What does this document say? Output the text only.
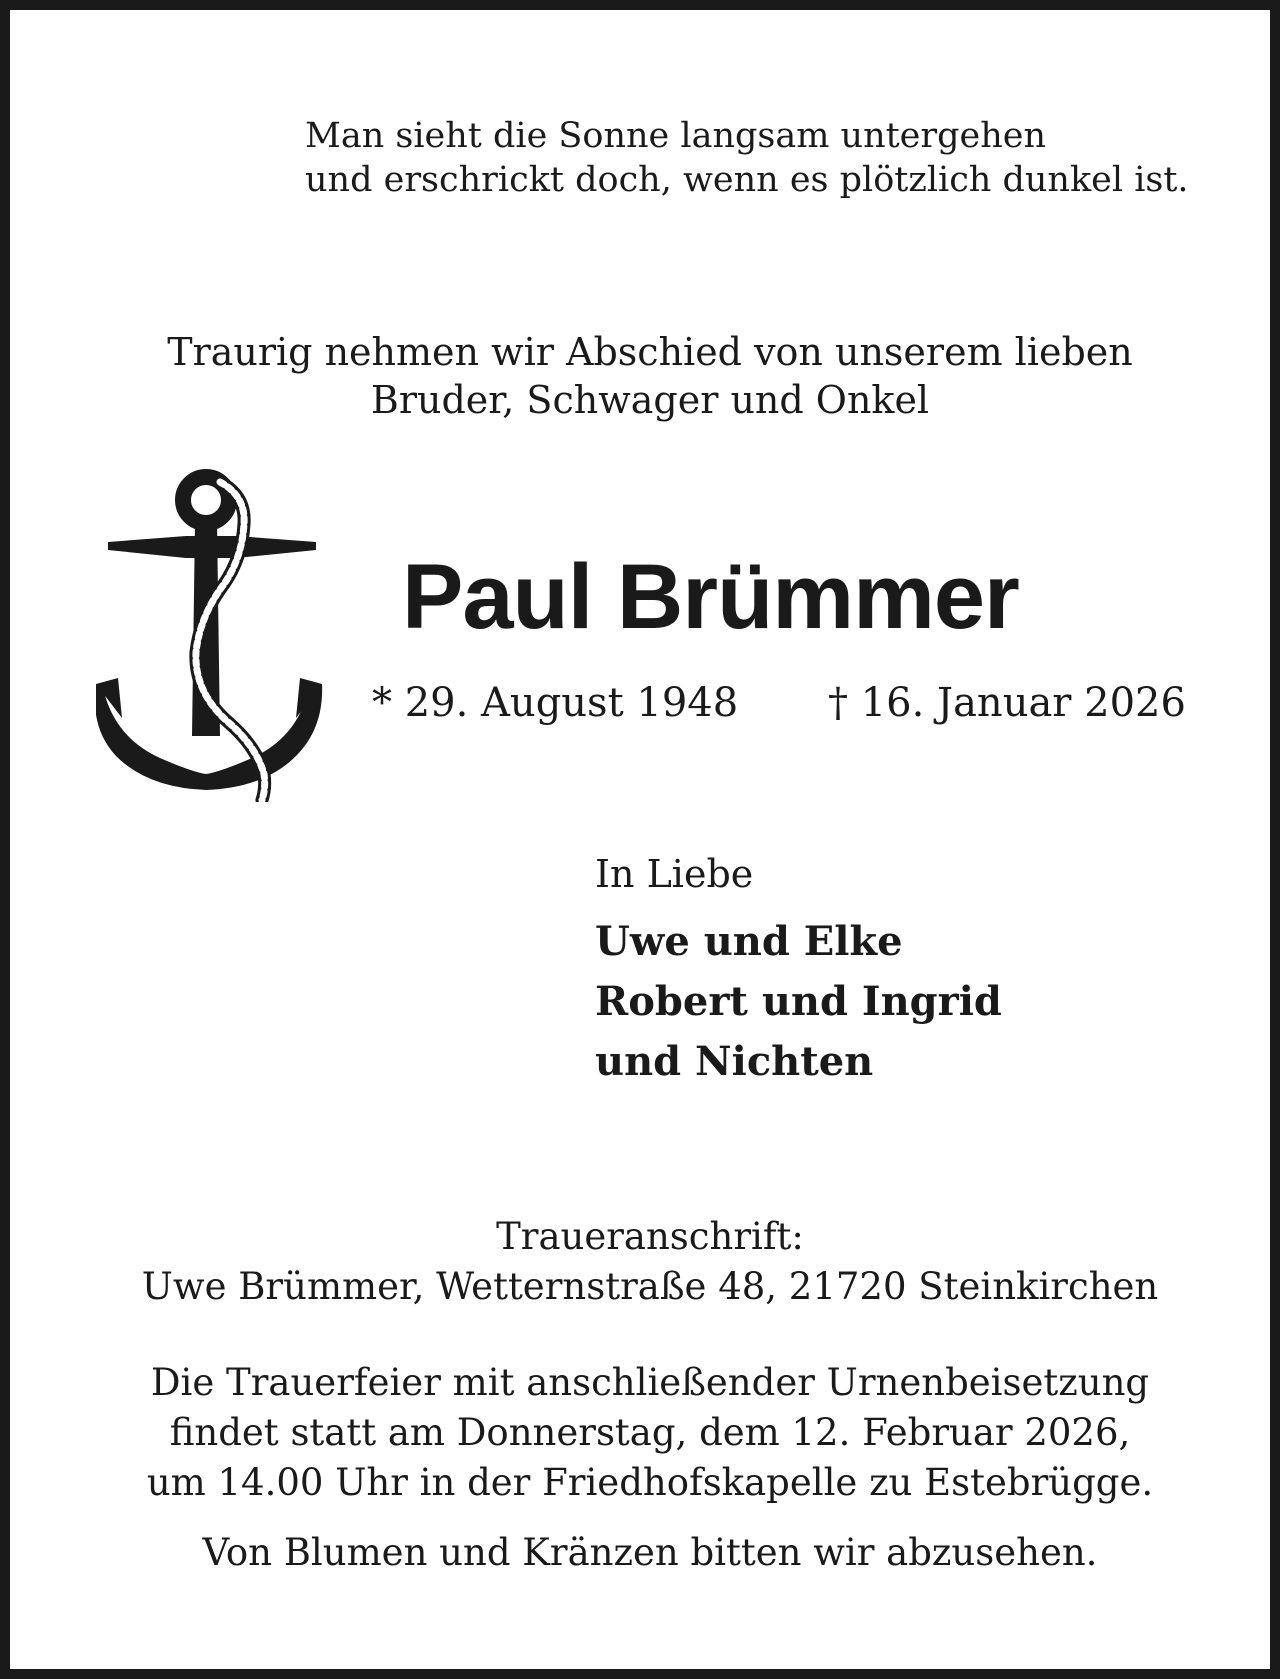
Man sieht die Sonne langsam untergehen
und erschrickt doch, wenn es plötzlich dunkel ist.
Traurig nehmen wir Abschied von unserem lieben
Bruder, Schwager und Onkel
Paul Brümmer
* 29. August 1948 † 16. Januar 2026
In Liebe
Uwe und Elke
Robert und Ingrid
und Nichten
Traueranschrift:
Uwe Brümmer, Wetternstraße 48, 21720 Steinkirchen
Die Trauerfeier mit anschließender Urnenbeisetzung
findet statt am Donnerstag, dem 12. Februar 2026,
um 14.00 Uhr in der Friedhofskapelle zu Estebrügge.
Von Blumen und Kränzen bitten wir abzusehen.
